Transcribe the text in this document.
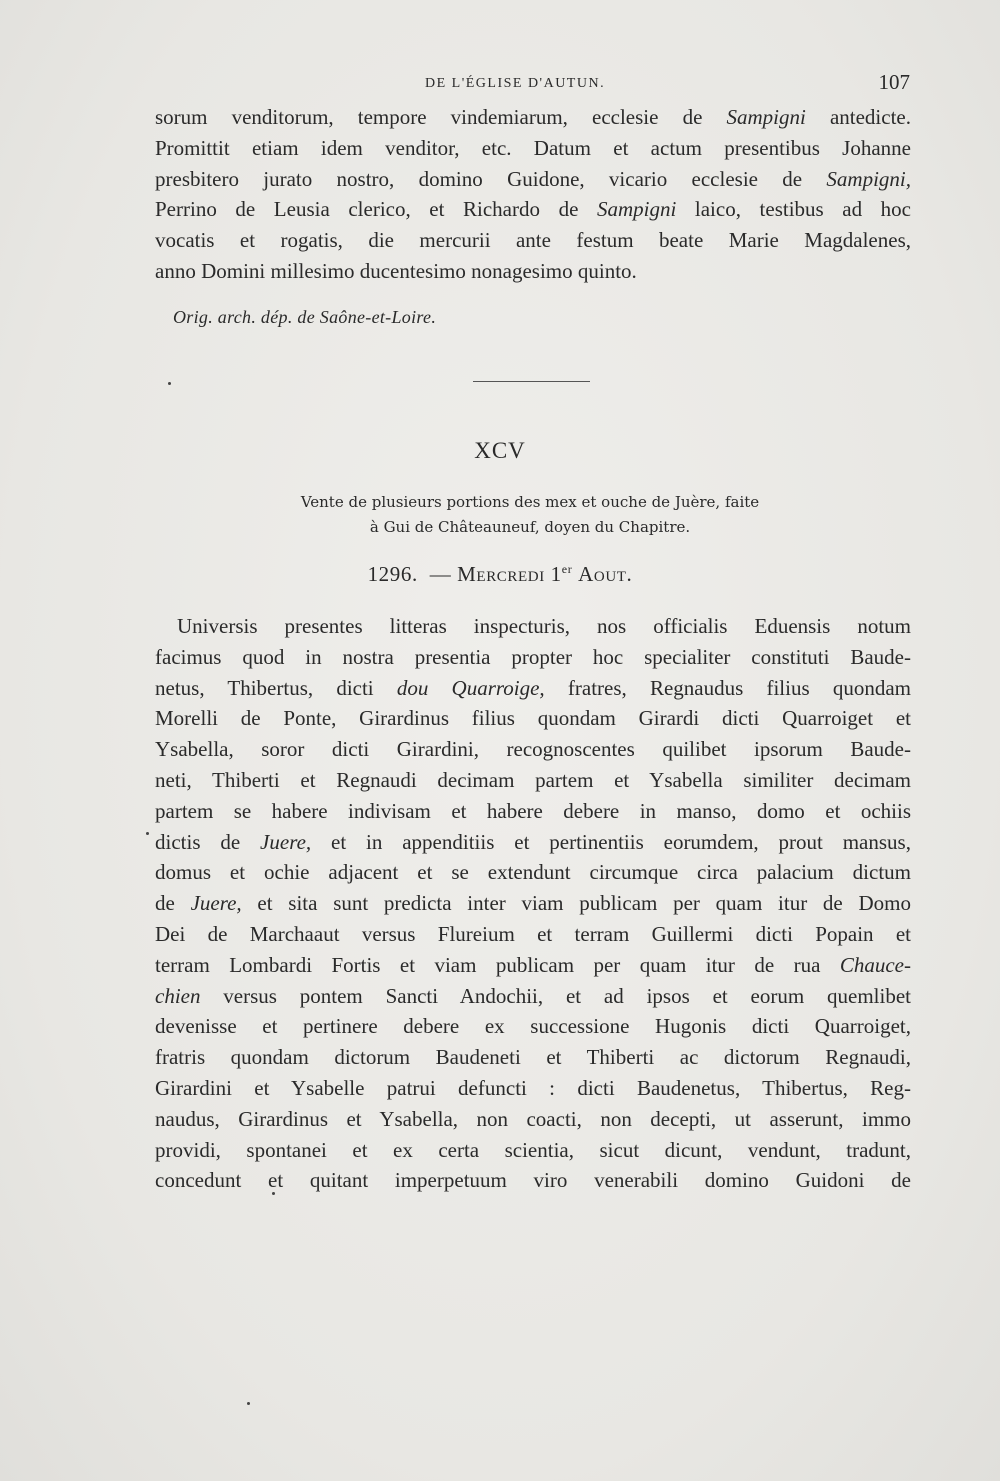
DE L'ÉGLISE D'AUTUN.	107
sorum venditorum, tempore vindemiarum, ecclesie de Sampigni antedicte.
Promittit etiam idem venditor, etc. Datum et actum presentibus Johanne
presbitero jurato nostro, domino Guidone, vicario ecclesie de Sampigni,
Perrino de Leusia clerico, et Richardo de Sampigni laico, testibus ad hoc
vocatis et rogatis, die mercurii ante festum beate Marie Magdalenes,
anno Domini millesimo ducentesimo nonagesimo quinto.
Orig. arch. dép. de Saône-et-Loire.
XCV
Vente de plusieurs portions des mex et ouche de Juère, faite
à Gui de Châteauneuf, doyen du Chapitre.
1296. — Mercredi 1er Aout.
Universis presentes litteras inspecturis, nos officialis Eduensis notum
facimus quod in nostra presentia propter hoc specialiter constituti Baude-
netus, Thibertus, dicti dou Quarroige, fratres, Regnaudus filius quondam
Morelli de Ponte, Girardinus filius quondam Girardi dicti Quarroiget et
Ysabella, soror dicti Girardini, recognoscentes quilibet ipsorum Baude-
neti, Thiberti et Regnaudi decimam partem et Ysabella similiter decimam
partem se habere indivisam et habere debere in manso, domo et ochiis
dictis de Juere, et in appenditiis et pertinentiis eorumdem, prout mansus,
domus et ochie adjacent et se extendunt circumque circa palacium dictum
de Juere, et sita sunt predicta inter viam publicam per quam itur de Domo
Dei de Marchaaut versus Flureium et terram Guillermi dicti Popain et
terram Lombardi Fortis et viam publicam per quam itur de rua Chauce-
chien versus pontem Sancti Andochii, et ad ipsos et eorum quemlibet
devenisse et pertinere debere ex successione Hugonis dicti Quarroiget,
fratris quondam dictorum Baudeneti et Thiberti ac dictorum Regnaudi,
Girardini et Ysabelle patrui defuncti : dicti Baudenetus, Thibertus, Reg-
naudus, Girardinus et Ysabella, non coacti, non decepti, ut asserunt, immo
providi, spontanei et ex certa scientia, sicut dicunt, vendunt, tradunt,
concedunt et quitant imperpetuum viro venerabili domino Guidoni de
